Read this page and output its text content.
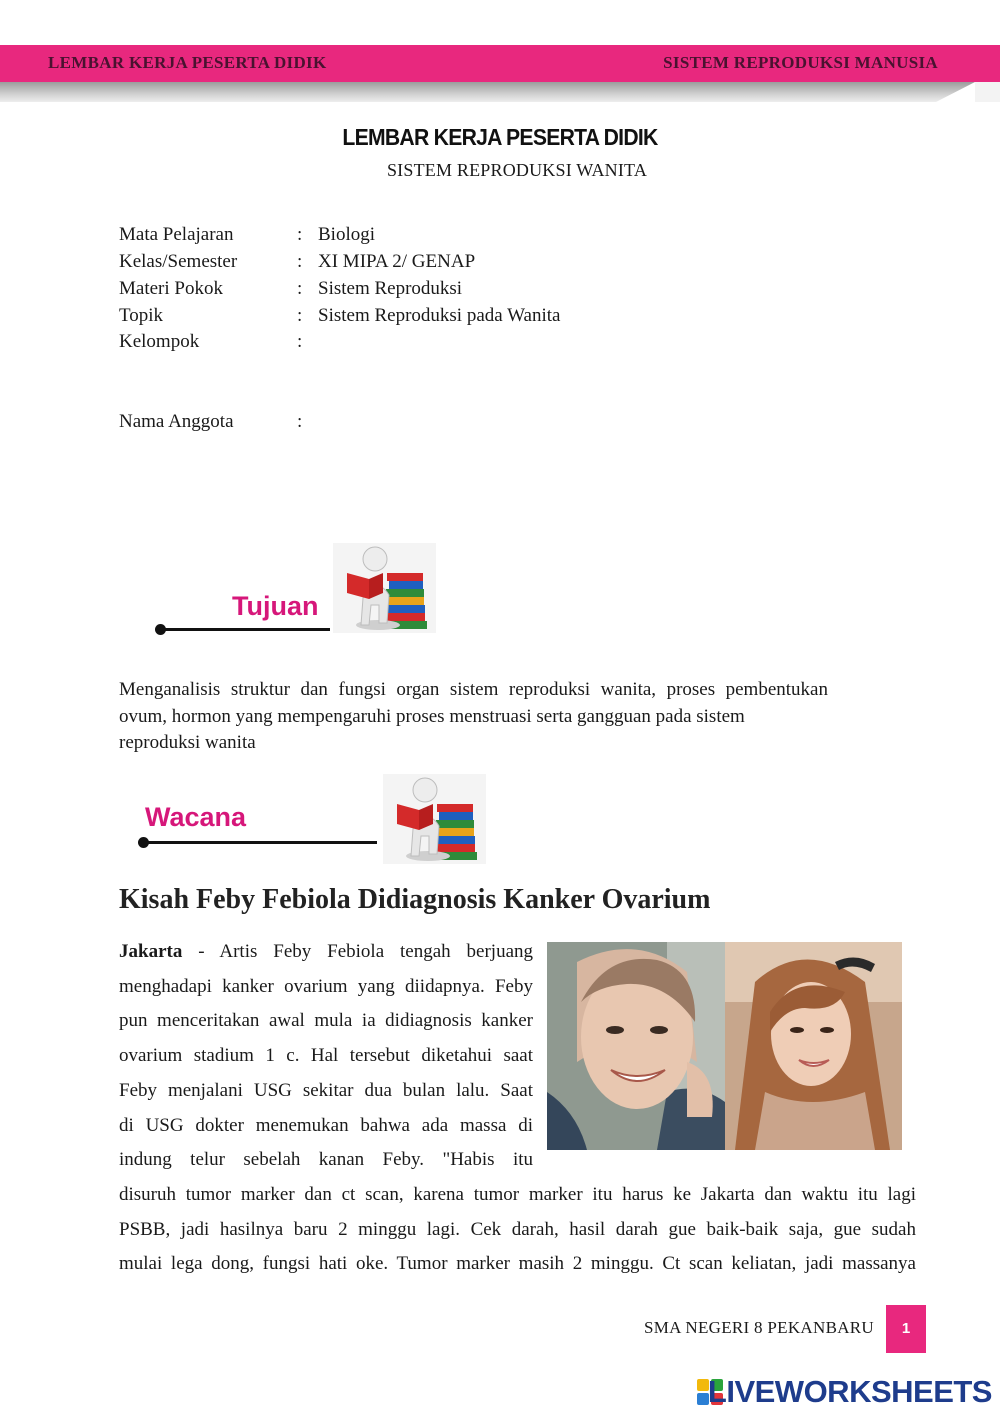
LEMBAR KERJA PESERTA DIDIK	SISTEM REPRODUKSI MANUSIA
LEMBAR KERJA PESERTA DIDIK
SISTEM REPRODUKSI WANITA
Mata Pelajaran	: Biologi
Kelas/Semester	: XI MIPA 2/ GENAP
Materi Pokok	: Sistem Reproduksi
Topik	: Sistem Reproduksi pada Wanita
Kelompok	:
Nama Anggota	:
Tujuan
Menganalisis struktur dan fungsi organ sistem reproduksi wanita, proses pembentukan ovum, hormon yang mempengaruhi proses menstruasi serta gangguan pada sistem
reproduksi wanita
Wacana
Kisah Feby Febiola Didiagnosis Kanker Ovarium
Jakarta - Artis Feby Febiola tengah berjuang
menghadapi kanker ovarium yang diidapnya. Feby
pun menceritakan awal mula ia didiagnosis kanker
ovarium stadium 1 c. Hal tersebut diketahui saat
Feby menjalani USG sekitar dua bulan lalu. Saat
di USG dokter menemukan bahwa ada massa di
indung telur sebelah kanan Feby. "Habis itu
disuruh tumor marker dan ct scan, karena tumor marker itu harus ke Jakarta dan waktu itu lagi
PSBB, jadi hasilnya baru 2 minggu lagi. Cek darah, hasil darah gue baik-baik saja, gue sudah
mulai lega dong, fungsi hati oke. Tumor marker masih 2 minggu. Ct scan keliatan, jadi massanya
SMA NEGERI 8 PEKANBARU	1
LIVEWORKSHEETS
